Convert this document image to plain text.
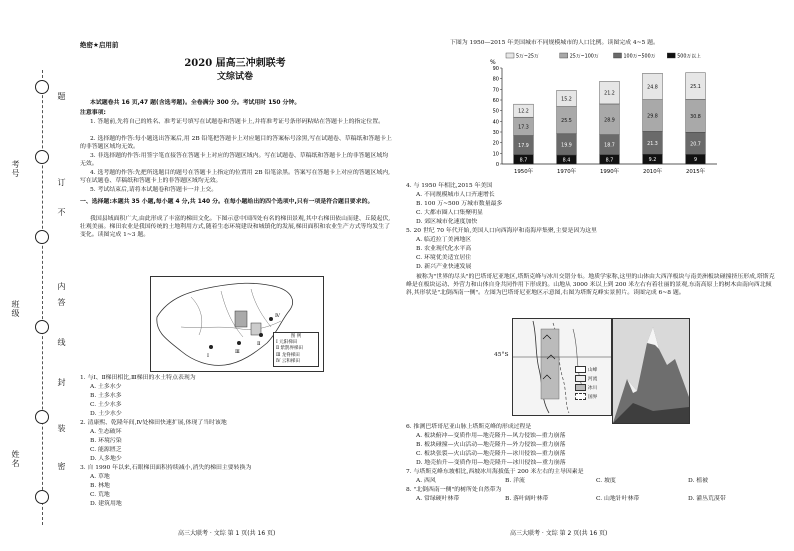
题
订
不
内
线
答
封
装
密
考号
班级
姓名
绝密★启用前
2020 届高三冲刺联考
文综试卷
本试题卷共 16 页,47 题(含选考题)。全卷满分 300 分。考试用时 150 分钟。
注意事项:
1. 答题前,先将自己的姓名、准考证号填写在试题卷和答题卡上,并将准考证号条形码粘贴在答题卡上的指定位置。
2. 选择题的作答:每小题选出答案后,用 2B 铅笔把答题卡上对应题目的答案标号涂黑,写在试题卷、草稿纸和答题卡上的非答题区域均无效。
3. 非选择题的作答:用签字笔直接答在答题卡上对应的答题区域内。写在试题卷、草稿纸和答题卡上的非答题区域均无效。
4. 选考题的作答:先把所选题目的题号在答题卡上指定的位置用 2B 铅笔涂黑。答案写在答题卡上对应的答题区域内,写在试题卷、草稿纸和答题卡上的非答题区域均无效。
5. 考试结束后,请将本试题卷和答题卡一并上交。
一、选择题:本题共 35 小题,每小题 4 分,共 140 分。在每小题给出的四个选项中,只有一项是符合题目要求的。
我国县域面积广大,由此形成了丰富的梯田文化。下图示意中国四处有名的梯田景观,其中右梯田依山而建、丘陵起伏,壮观美丽。梯田农业是我国传统的土地利用方式,随着生态环境建设和城镇化的发展,梯田面积和农业生产方式等均发生了变化。读图完成 1~3 题。
Ⅰ
Ⅲ
Ⅱ
Ⅳ
图 例
Ⅰ 元阳梯田
Ⅱ 紫鹊界梯田
Ⅲ 龙脊梯田
Ⅳ 云和梯田
1. 与Ⅰ、Ⅱ梯田相比,Ⅲ梯田的水土特点表现为
A. 土多水少
B. 土多水多
C. 土少水多
D. 土少水少
2. 清康熙、乾隆年间,Ⅳ处梯田快速扩展,体现了当时该地
A. 生态破坏
B. 环境污染
C. 能源匮乏
D. 人多地少
3. 自 1990 年以来,石眼梯田面积持续减小,消失的梯田主要转换为
A. 草地
B. 林地
C. 荒地
D. 建筑用地
高三大联考 · 文综 第 1 页(共 16 页)
下图为 1950—2015 年美国城市不同规模城市的人口比例。读图完成 4~5 题。
0
10
20
30
40
50
60
70
80
90
%
5万~25万	25万~100万	100万~500万	500万以上
8.7
17.9
17.3
12.2
1950年
8.4
19.9
25.5
15.2
1970年
8.7
18.7
28.9
21.2
1990年
9.2
21.3
29.8
24.8
2010年
9
20.7
30.8
25.1
2015年
4. 与 1950 年相比,2015 年美国
A. 不同规模城市人口齐速增长
B. 100 万~500 万城市数量最多
C. 大都市圈人口集聚明显
D. 郊区城市化速度加快
5. 20 世纪 70 年代开始,美国人口向西海岸和南海岸集聚,主要是因为这里
A. 临近拉丁美洲地区
B. 农业现代化水平高
C. 环境优美适宜居住
D. 新兴产业快速发展
被称为"世界的尽头"的巴塔哥尼亚地区,塔斯克峰与冰川交错分布。地质学家称,这里的山体由大西洋板块与南美洲板块碰撞挤压形成,塔斯克峰是在板块运动、外营力和山体自身共同作用下形成的。山地从 3000 米以上到 200 米左右有着壮丽的景观,东南高原上的树木由南向西北倾斜,其形状是"北倒西南一侧"。左图为巴塔哥尼亚地区示意图,右图为塔斯克峰实景照片。读图完成 6~8 题。
45°S
山峰
河流
冰川
国界
6. 推测巴塔哥尼亚山脉上塔斯克峰的形成过程是
A. 板块俯冲—变质作用—地壳隆升—风力侵蚀—重力崩落
B. 板块碰撞—火山活动—地壳隆升—外力侵蚀—重力崩落
C. 板块张裂—火山活动—地壳隆升—冰川侵蚀—重力崩落
D. 地壳抬升—变质作用—地壳隆升—冰川侵蚀—重力崩落
7. 与塔斯克峰东坡相比,西坡冰川海拔低于 200 米左右的主导因素是
A. 西风	B. 洋流	C. 坡度	D. 植被
8. "北倒西南一侧"的树所处自然带为
A. 常绿硬叶林带	B. 落叶阔叶林带	C. 山地针叶林带	D. 灌丛荒漠带
高三大联考 · 文综 第 2 页(共 16 页)
